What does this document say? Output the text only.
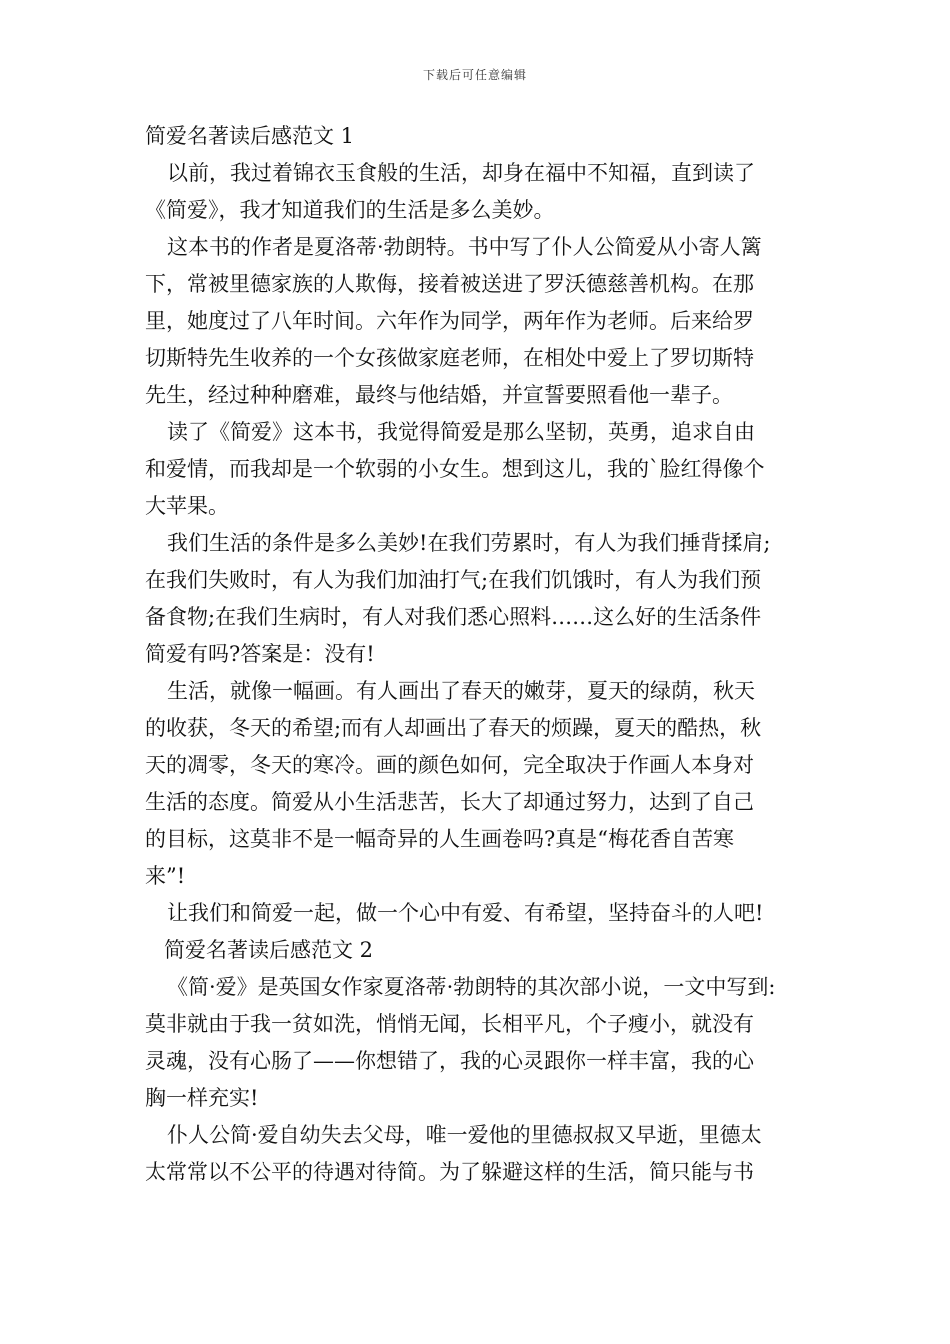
下载后可任意编辑
简爱名著读后感范文 1
以前，我过着锦衣玉食般的生活，却身在福中不知福，直到读了
《简爱》，我才知道我们的生活是多么美妙。
这本书的作者是夏洛蒂·勃朗特。书中写了仆人公简爱从小寄人篱
下，常被里德家族的人欺侮，接着被送进了罗沃德慈善机构。在那
里，她度过了八年时间。六年作为同学，两年作为老师。后来给罗
切斯特先生收养的一个女孩做家庭老师，在相处中爱上了罗切斯特
先生，经过种种磨难，最终与他结婚，并宣誓要照看他一辈子。
读了《简爱》这本书，我觉得简爱是那么坚韧，英勇，追求自由
和爱情，而我却是一个软弱的小女生。想到这儿，我的`脸红得像个
大苹果。
我们生活的条件是多么美妙!在我们劳累时，有人为我们捶背揉肩;
在我们失败时，有人为我们加油打气;在我们饥饿时，有人为我们预
备食物;在我们生病时，有人对我们悉心照料……这么好的生活条件
简爱有吗?答案是：没有!
生活，就像一幅画。有人画出了春天的嫩芽，夏天的绿荫，秋天
的收获，冬天的希望;而有人却画出了春天的烦躁，夏天的酷热，秋
天的凋零，冬天的寒冷。画的颜色如何，完全取决于作画人本身对
生活的态度。简爱从小生活悲苦，长大了却通过努力，达到了自己
的目标，这莫非不是一幅奇异的人生画卷吗?真是“梅花香自苦寒
来”!
让我们和简爱一起，做一个心中有爱、有希望，坚持奋斗的人吧!
简爱名著读后感范文 2
《简·爱》是英国女作家夏洛蒂·勃朗特的其次部小说，一文中写到:
莫非就由于我一贫如洗，悄悄无闻，长相平凡，个子瘦小，就没有
灵魂，没有心肠了——你想错了，我的心灵跟你一样丰富，我的心
胸一样充实!
仆人公简·爱自幼失去父母，唯一爱他的里德叔叔又早逝，里德太
太常常以不公平的待遇对待简。为了躲避这样的生活，简只能与书
